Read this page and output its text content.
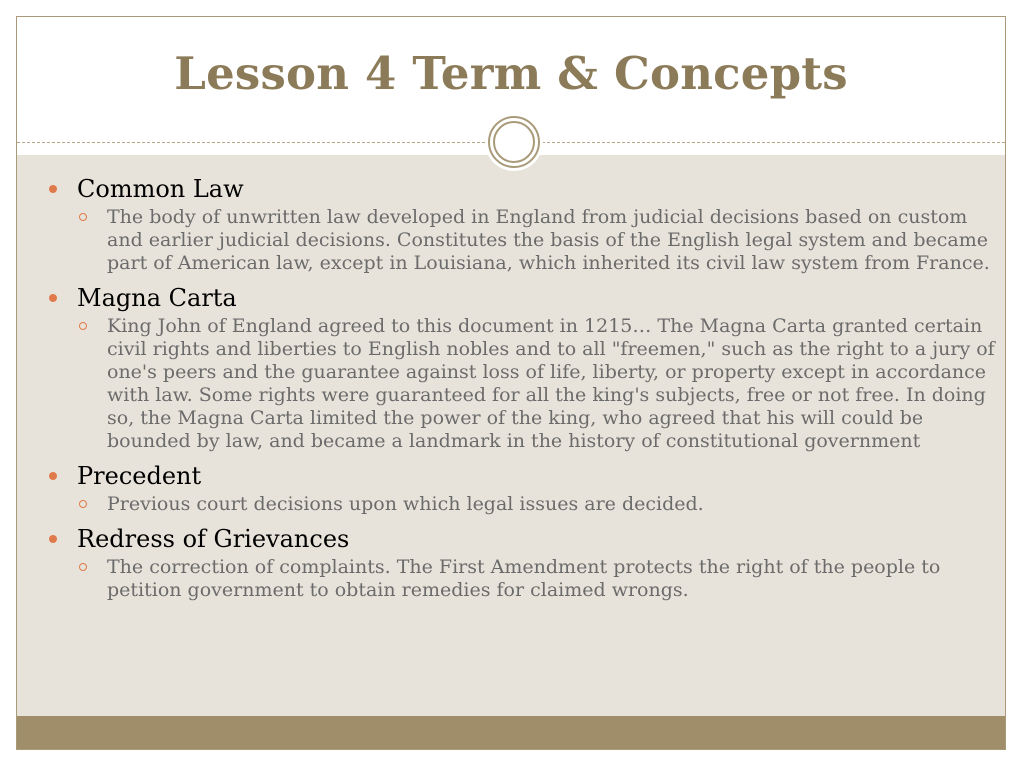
Lesson 4 Term & Concepts

Common Law

The body of unwritten law developed in England from judicial decisions based on custom and earlier judicial decisions. Constitutes the basis of the English legal system and became part of American law, except in Louisiana, which inherited its civil law system from France.

Magna Carta

King John of England agreed to this document in 1215… The Magna Carta granted certain civil rights and liberties to English nobles and to all "freemen," such as the right to a jury of one's peers and the guarantee against loss of life, liberty, or property except in accordance with law. Some rights were guaranteed for all the king's subjects, free or not free. In doing so, the Magna Carta limited the power of the king, who agreed that his will could be bounded by law, and became a landmark in the history of constitutional government

Precedent

Previous court decisions upon which legal issues are decided.

Redress of Grievances

The correction of complaints. The First Amendment protects the right of the people to petition government to obtain remedies for claimed wrongs.
